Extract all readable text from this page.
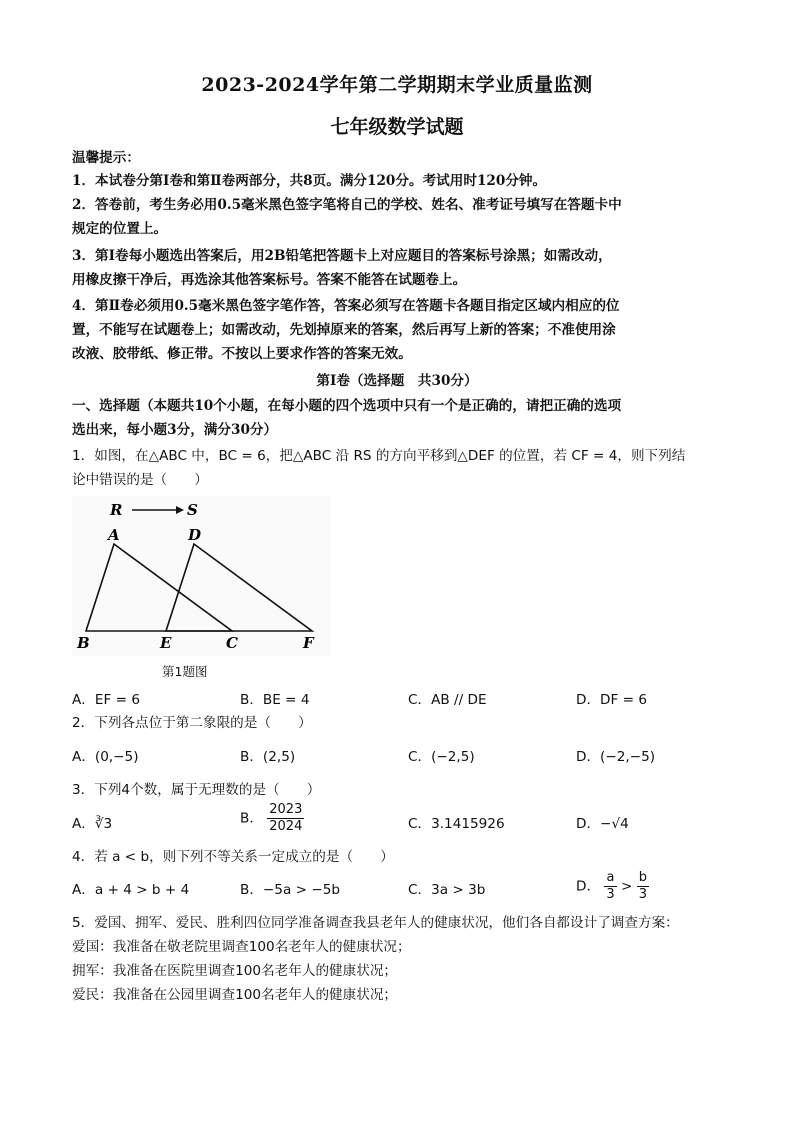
2023-2024学年第二学期期末学业质量监测
七年级数学试题
温馨提示：
1．本试卷分第Ⅰ卷和第Ⅱ卷两部分，共8页。满分120分。考试用时120分钟。
2．答卷前，考生务必用0.5毫米黑色签字笔将自己的学校、姓名、准考证号填写在答题卡中
规定的位置上。
3．第Ⅰ卷每小题选出答案后，用2B铅笔把答题卡上对应题目的答案标号涂黑；如需改动，
用橡皮擦干净后，再选涂其他答案标号。答案不能答在试题卷上。
4．第Ⅱ卷必须用0.5毫米黑色签字笔作答，答案必须写在答题卡各题目指定区域内相应的位
置，不能写在试题卷上；如需改动，先划掉原来的答案，然后再写上新的答案；不准使用涂
改液、胶带纸、修正带。不按以上要求作答的答案无效。
第Ⅰ卷（选择题　共30分）
一、选择题（本题共10个小题，在每小题的四个选项中只有一个是正确的，请把正确的选项
选出来，每小题3分，满分30分）
1．如图，在△ABC 中，BC = 6，把△ABC 沿 RS 的方向平移到△DEF 的位置，若 CF = 4，则下列结
论中错误的是（　　）
R	S
A	D
B	E	C	F
第1题图
A．EF = 6	B．BE = 4	C．AB // DE	D．DF = 6
2．下列各点位于第二象限的是（　　）
A．(0,−5)	B．(2,5)	C．(−2,5)	D．(−2,−5)
3．下列4个数，属于无理数的是（　　）
A．∛3	B． $\frac{2023}{2024}$	C．3.1415926	D．−√4
4．若 a < b，则下列不等关系一定成立的是（　　）
A．a + 4 > b + 4	B．−5a > −5b	C．3a > 3b	D． $\frac{a}{3} > \frac{b}{3}$
5．爱国、拥军、爱民、胜利四位同学准备调查我县老年人的健康状况，他们各自都设计了调查方案：
爱国：我准备在敬老院里调查100名老年人的健康状况；
拥军：我准备在医院里调查100名老年人的健康状况；
爱民：我准备在公园里调查100名老年人的健康状况；
